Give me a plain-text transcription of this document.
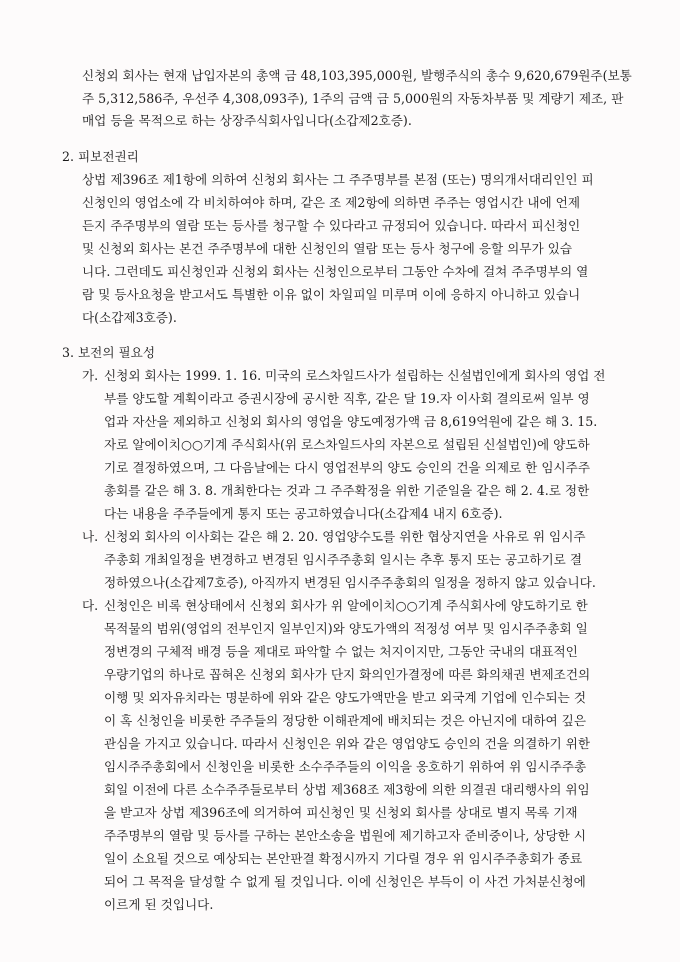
신청외 회사는 현재 납입자본의 총액 금 48,103,395,000원, 발행주식의 총수 9,620,679원주(보통
주 5,312,586주, 우선주 4,308,093주), 1주의 금액 금 5,000원의 자동차부품 및 계량기 제조, 판
매업 등을 목적으로 하는 상장주식회사입니다(소갑제2호증).
2. 피보전권리
상법 제396조 제1항에 의하여 신청외 회사는 그 주주명부를 본점 (또는) 명의개서대리인인 피
신청인의 영업소에 각 비치하여야 하며, 같은 조 제2항에 의하면 주주는 영업시간 내에 언제
든지 주주명부의 열람 또는 등사를 청구할 수 있다라고 규정되어 있습니다. 따라서 피신청인
및 신청외 회사는 본건 주주명부에 대한 신청인의 열람 또는 등사 청구에 응할 의무가 있습
니다. 그런데도 피신청인과 신청외 회사는 신청인으로부터 그동안 수차에 걸쳐 주주명부의 열
람 및 등사요청을 받고서도 특별한 이유 없이 차일피일 미루며 이에 응하지 아니하고 있습니
다(소갑제3호증).
3. 보전의 필요성
가. 신청외 회사는 1999. 1. 16. 미국의 로스차일드사가 설립하는 신설법인에게 회사의 영업 전
부를 양도할 계획이라고 증권시장에 공시한 직후, 같은 달 19.자 이사회 결의로써 일부 영
업과 자산을 제외하고 신청외 회사의 영업을 양도예정가액 금 8,619억원에 같은 해 3. 15.
자로 알에이치○○기계 주식회사(위 로스차일드사의 자본으로 설립된 신설법인)에 양도하
기로 결정하였으며, 그 다음날에는 다시 영업전부의 양도 승인의 건을 의제로 한 임시주주
총회를 같은 해 3. 8. 개최한다는 것과 그 주주확정을 위한 기준일을 같은 해 2. 4.로 정한
다는 내용을 주주들에게 통지 또는 공고하였습니다(소갑제4 내지 6호증).
나. 신청외 회사의 이사회는 같은 해 2. 20. 영업양수도를 위한 협상지연을 사유로 위 임시주
주총회 개최일정을 변경하고 변경된 임시주주총회 일시는 추후 통지 또는 공고하기로 결
정하였으나(소갑제7호증), 아직까지 변경된 임시주주총회의 일정을 정하지 않고 있습니다.
다. 신청인은 비록 현상태에서 신청외 회사가 위 알에이치○○기계 주식회사에 양도하기로 한
목적물의 범위(영업의 전부인지 일부인지)와 양도가액의 적정성 여부 및 임시주주총회 일
정변경의 구체적 배경 등을 제대로 파악할 수 없는 처지이지만, 그동안 국내의 대표적인
우량기업의 하나로 꼽혀온 신청외 회사가 단지 화의인가결정에 따른 화의채권 변제조건의
이행 및 외자유치라는 명분하에 위와 같은 양도가액만을 받고 외국계 기업에 인수되는 것
이 혹 신청인을 비롯한 주주들의 정당한 이해관계에 배치되는 것은 아닌지에 대하여 깊은
관심을 가지고 있습니다. 따라서 신청인은 위와 같은 영업양도 승인의 건을 의결하기 위한
임시주주총회에서 신청인을 비롯한 소수주주들의 이익을 옹호하기 위하여 위 임시주주총
회일 이전에 다른 소수주주들로부터 상법 제368조 제3항에 의한 의결권 대리행사의 위임
을 받고자 상법 제396조에 의거하여 피신청인 및 신청외 회사를 상대로 별지 목록 기재
주주명부의 열람 및 등사를 구하는 본안소송을 법원에 제기하고자 준비중이나, 상당한 시
일이 소요될 것으로 예상되는 본안판결 확정시까지 기다릴 경우 위 임시주주총회가 종료
되어 그 목적을 달성할 수 없게 될 것입니다. 이에 신청인은 부득이 이 사건 가처분신청에
이르게 된 것입니다.
